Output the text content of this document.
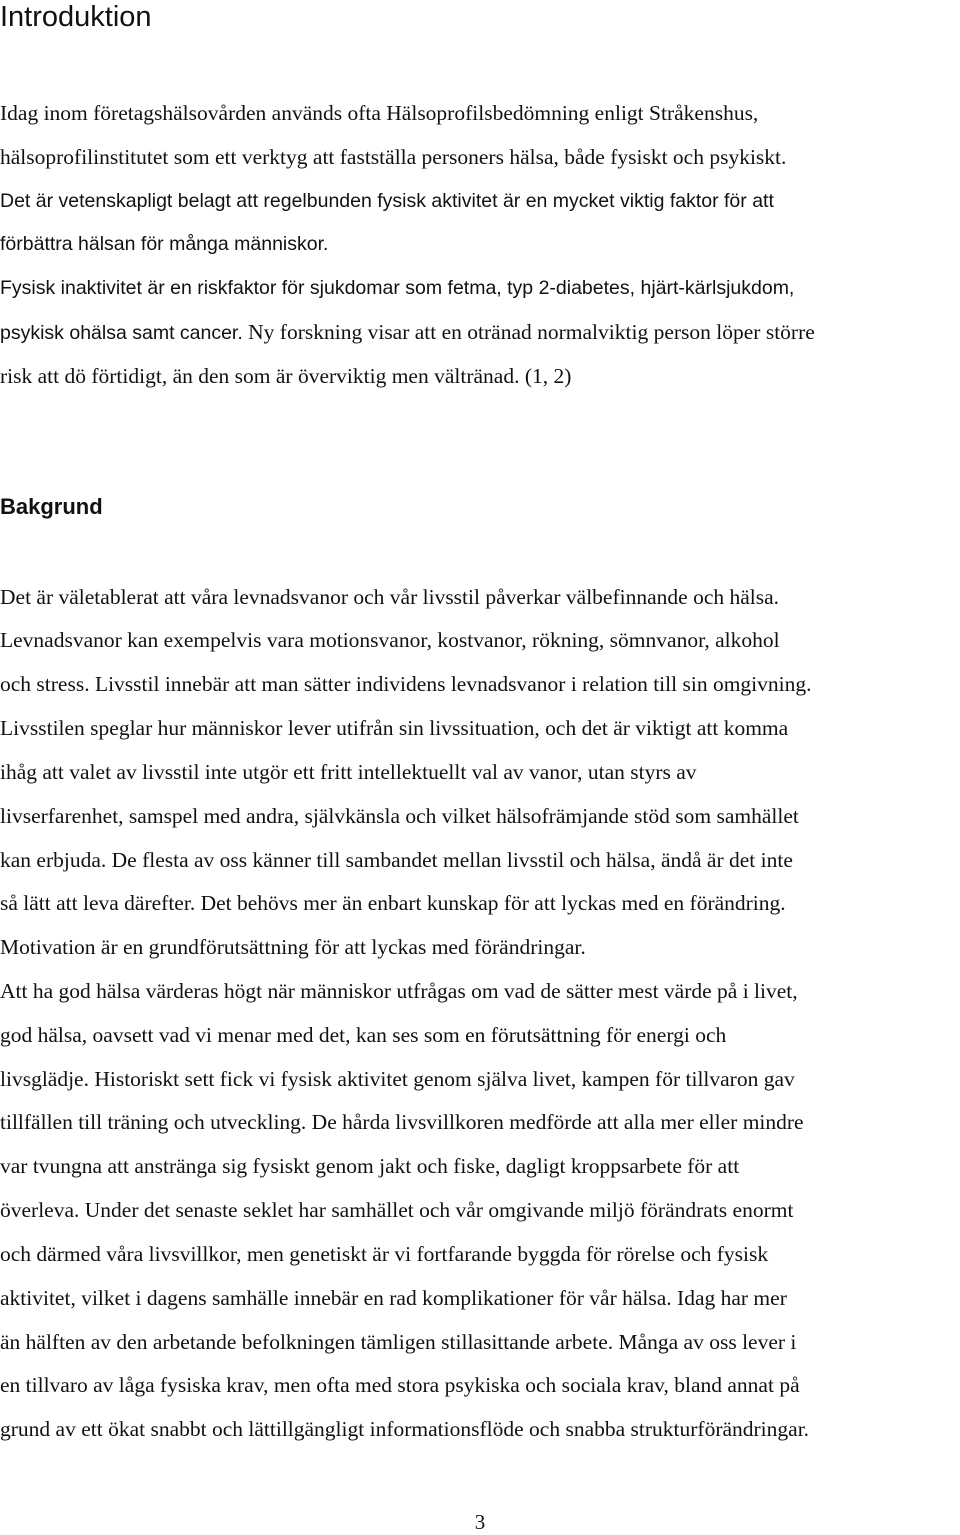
Introduktion
Idag inom företagshälsovården används ofta Hälsoprofilsbedömning enligt Stråkenshus,
hälsoprofilinstitutet som ett verktyg att fastställa personers hälsa, både fysiskt och psykiskt.
Det är vetenskapligt belagt att regelbunden fysisk aktivitet är en mycket viktig faktor för att
förbättra hälsan för många människor.
Fysisk inaktivitet är en riskfaktor för sjukdomar som fetma, typ 2-diabetes, hjärt-kärlsjukdom,
psykisk ohälsa samt cancer. Ny forskning visar att en otränad normalviktig person löper större
risk att dö förtidigt, än den som är överviktig men vältränad. (1, 2)
Bakgrund
Det är väletablerat att våra levnadsvanor och vår livsstil påverkar välbefinnande och hälsa.
Levnadsvanor kan exempelvis vara motionsvanor, kostvanor, rökning, sömnvanor, alkohol
och stress. Livsstil innebär att man sätter individens levnadsvanor i relation till sin omgivning.
Livsstilen speglar hur människor lever utifrån sin livssituation, och det är viktigt att komma
ihåg att valet av livsstil inte utgör ett fritt intellektuellt val av vanor, utan styrs av
livserfarenhet, samspel med andra, självkänsla och vilket hälsofrämjande stöd som samhället
kan erbjuda. De flesta av oss känner till sambandet mellan livsstil och hälsa, ändå är det inte
så lätt att leva därefter. Det behövs mer än enbart kunskap för att lyckas med en förändring.
Motivation är en grundförutsättning för att lyckas med förändringar.
Att ha god hälsa värderas högt när människor utfrågas om vad de sätter mest värde på i livet,
god hälsa, oavsett vad vi menar med det, kan ses som en förutsättning för energi och
livsglädje. Historiskt sett fick vi fysisk aktivitet genom själva livet, kampen för tillvaron gav
tillfällen till träning och utveckling. De hårda livsvillkoren medförde att alla mer eller mindre
var tvungna att anstränga sig fysiskt genom jakt och fiske, dagligt kroppsarbete för att
överleva. Under det senaste seklet har samhället och vår omgivande miljö förändrats enormt
och därmed våra livsvillkor, men genetiskt är vi fortfarande byggda för rörelse och fysisk
aktivitet, vilket i dagens samhälle innebär en rad komplikationer för vår hälsa. Idag har mer
än hälften av den arbetande befolkningen tämligen stillasittande arbete. Många av oss lever i
en tillvaro av låga fysiska krav, men ofta med stora psykiska och sociala krav, bland annat på
grund av ett ökat snabbt och lättillgängligt informationsflöde och snabba strukturförändringar.
3
